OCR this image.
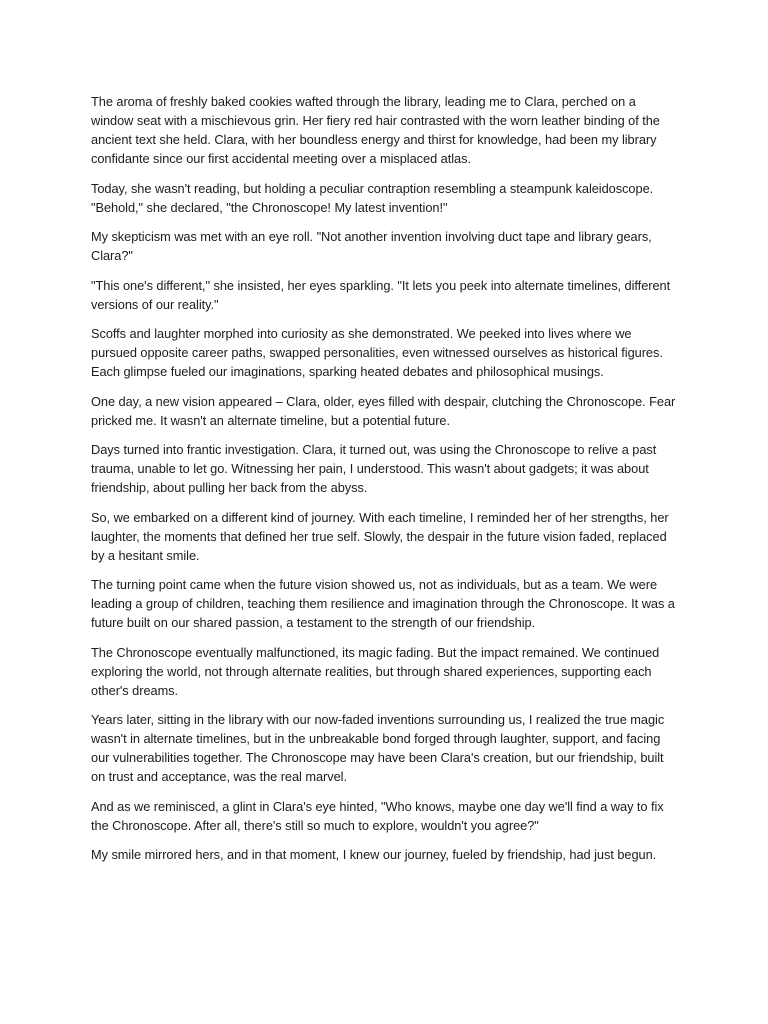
The aroma of freshly baked cookies wafted through the library, leading me to Clara, perched on a window seat with a mischievous grin. Her fiery red hair contrasted with the worn leather binding of the ancient text she held. Clara, with her boundless energy and thirst for knowledge, had been my library confidante since our first accidental meeting over a misplaced atlas.

Today, she wasn't reading, but holding a peculiar contraption resembling a steampunk kaleidoscope. "Behold," she declared, "the Chronoscope! My latest invention!"

My skepticism was met with an eye roll. "Not another invention involving duct tape and library gears, Clara?"

"This one's different," she insisted, her eyes sparkling. "It lets you peek into alternate timelines, different versions of our reality."

Scoffs and laughter morphed into curiosity as she demonstrated. We peeked into lives where we pursued opposite career paths, swapped personalities, even witnessed ourselves as historical figures. Each glimpse fueled our imaginations, sparking heated debates and philosophical musings.

One day, a new vision appeared – Clara, older, eyes filled with despair, clutching the Chronoscope. Fear pricked me. It wasn't an alternate timeline, but a potential future.

Days turned into frantic investigation. Clara, it turned out, was using the Chronoscope to relive a past trauma, unable to let go. Witnessing her pain, I understood. This wasn't about gadgets; it was about friendship, about pulling her back from the abyss.

So, we embarked on a different kind of journey. With each timeline, I reminded her of her strengths, her laughter, the moments that defined her true self. Slowly, the despair in the future vision faded, replaced by a hesitant smile.

The turning point came when the future vision showed us, not as individuals, but as a team. We were leading a group of children, teaching them resilience and imagination through the Chronoscope. It was a future built on our shared passion, a testament to the strength of our friendship.

The Chronoscope eventually malfunctioned, its magic fading. But the impact remained. We continued exploring the world, not through alternate realities, but through shared experiences, supporting each other's dreams.

Years later, sitting in the library with our now-faded inventions surrounding us, I realized the true magic wasn't in alternate timelines, but in the unbreakable bond forged through laughter, support, and facing our vulnerabilities together. The Chronoscope may have been Clara's creation, but our friendship, built on trust and acceptance, was the real marvel.

And as we reminisced, a glint in Clara's eye hinted, "Who knows, maybe one day we'll find a way to fix the Chronoscope. After all, there's still so much to explore, wouldn't you agree?"

My smile mirrored hers, and in that moment, I knew our journey, fueled by friendship, had just begun.
